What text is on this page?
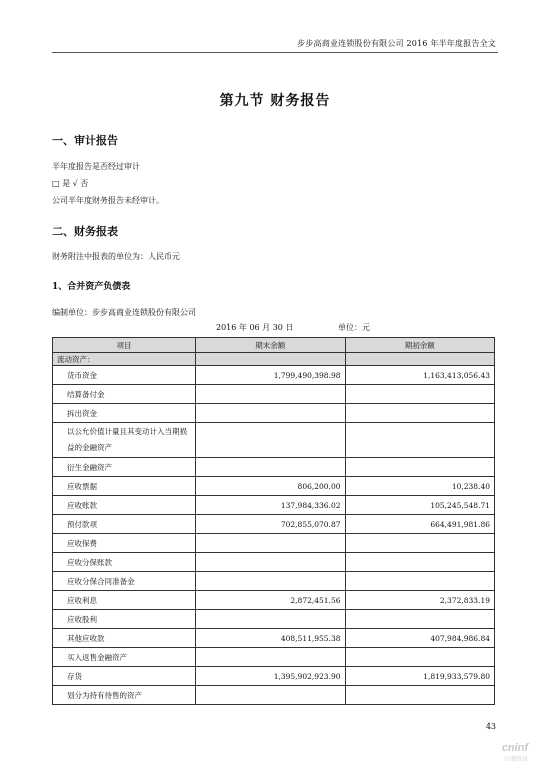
步步高商业连锁股份有限公司 2016 年半年度报告全文
第九节 财务报告
一、审计报告
半年度报告是否经过审计
□ 是 √ 否
公司半年度财务报告未经审计。
二、财务报表
财务附注中报表的单位为：人民币元
1、合并资产负债表
编制单位：步步高商业连锁股份有限公司
2016 年 06 月 30 日	单位：元
项目	期末余额	期初余额
流动资产：		
货币资金	1,799,490,398.98	1,163,413,056.43
结算备付金		
拆出资金		
以公允价值计量且其变动计入当期损益的金融资产		
衍生金融资产		
应收票据	806,200.00	10,238.40
应收账款	137,984,336.02	105,245,548.71
预付款项	702,855,070.87	664,491,981.86
应收保费		
应收分保账款		
应收分保合同准备金		
应收利息	2,872,451.56	2,372,833.19
应收股利		
其他应收款	408,511,955.38	407,984,986.84
买入返售金融资产		
存货	1,395,902,923.90	1,819,933,579.80
划分为持有待售的资产		
43
cninf
巨潮资讯
